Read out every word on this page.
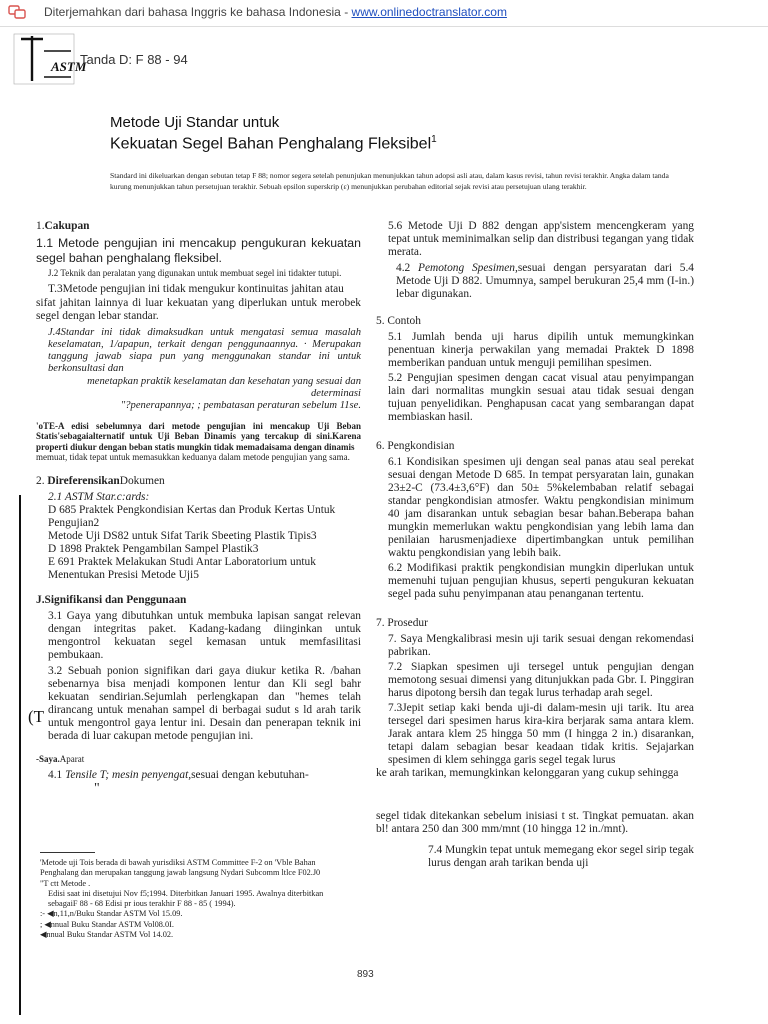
Diterjemahkan dari bahasa Inggris ke bahasa Indonesia - www.onlinedoctranslator.com
ASTM
Tanda D: F 88 - 94
Metode Uji Standar untuk
Kekuatan Segel Bahan Penghalang Fleksibel$^1$
Standard ini dikeluarkan dengan sebutan tetap F 88; nomor segera setelah penunjukan menunjukkan tahun adopsi asli atau, dalam kasus revisi, tahun revisi terakhir. Angka dalam tanda kurung menunjukkan tahun persetujuan terakhir. Sebuah epsilon superskrip (ɛ) menunjukkan perubahan editorial sejak revisi atau persetujuan ulang terakhir.

1.Cakupan

1.1 Metode pengujian ini mencakup pengukuran kekuatan segel bahan penghalang fleksibel.

J.2 Teknik dan peralatan yang digunakan untuk membuat segel ini tidakter tutupi.

T.3Metode pengujian ini tidak mengukur kontinuitas jahitan atau

sifat jahitan lainnya di luar kekuatan yang diperlukan untuk merobek segel dengan lebar standar.

J.4Standar ini tidak dimaksudkan untuk mengatasi semua masalah keselamatan, 1/apapun, terkait dengan penggunaannya. · Merupakan tanggung jawab siapa pun yang menggunakan standar ini untuk berkonsultasi dan

menetapkan praktik keselamatan dan kesehatan yang sesuai dan determinasi

"?penerapannya; ; pembatasan peraturan sebelum 11se.

'oTE-A edisi sebelumnya dari metode pengujian ini mencakup Uji Beban Statis'sebagaialternatif untuk Uji Beban Dinamis yang tercakup di sini.Karena properti diukur dengan beban statis mungkin tidak memadaisama dengan dinamis

memuat, tidak tepat untuk memasukkan keduanya dalam metode pengujian yang sama.

2. DireferensikanDokumen

2.1 ASTM Star.c:ards:

D 685 Praktek Pengkondisian Kertas dan Produk Kertas Untuk Pengujian2

Metode Uji DS82 untuk Sifat Tarik Sbeeting Plastik Tipis3

D 1898 Praktek Pengambilan Sampel Plastik3

E 691 Praktek Melakukan Studi Antar Laboratorium untuk Menentukan Presisi Metode Uji5

J.Signifikansi dan Penggunaan

3.1 Gaya yang dibutuhkan untuk membuka lapisan sangat relevan dengan integritas paket. Kadang-kadang diinginkan untuk mengontrol kekuatan segel kemasan untuk memfasilitasi pembukaan.

3.2 Sebuah ponion signifikan dari gaya diukur ketika R. /bahan sebenarnya bisa menjadi komponen lentur dan Kli segl bahr kekuatan sendirian.Sejumlah perlengkapan dan "hemes telah dirancang untuk menahan sampel di berbagai sudut s ld arah tarik untuk mengontrol gaya lentur ini. Desain dan penerapan teknik ini berada di luar cakupan metode pengujian ini.

-Saya.Aparat

4.1 Tensile T; mesin penyengat,sesuai dengan kebutuhan-

"

5.6 Metode Uji D 882 dengan app'sistem mencengkeram yang tepat untuk meminimalkan selip dan distribusi tegangan yang tidak merata.

4.2 Pemotong Spesimen,sesuai dengan persyaratan dari 5.4 Metode Uji D 882. Umumnya, sampel berukuran 25,4 mm (I-in.) lebar digunakan.

5. Contoh

5.1 Jumlah benda uji harus dipilih untuk memungkinkan penentuan kinerja perwakilan yang memadai Praktek D 1898 memberikan panduan untuk menguji pemilihan spesimen.

5.2 Pengujian spesimen dengan cacat visual atau penyimpangan lain dari normalitas mungkin sesuai atau tidak sesuai dengan tujuan penyelidikan. Penghapusan cacat yang sembarangan dapat membiaskan hasil.

6. Pengkondisian

6.1 Kondisikan spesimen uji dengan seal panas atau seal perekat sesuai dengan Metode D 685. In tempat persyaratan lain, gunakan 23±2-C (73.4±3,6°F) dan 50± 5%kelembaban relatif sebagai standar pengkondisian atmosfer. Waktu pengkondisian minimum 40 jam disarankan untuk sebagian besar bahan.Beberapa bahan mungkin memerlukan waktu pengkondisian yang lebih lama dan penilaian harusmenjadiexe dipertimbangkan untuk pemilihan waktu pengkondisian yang lebih baik.

6.2 Modifikasi praktik pengkondisian mungkin diperlukan untuk memenuhi tujuan pengujian khusus, seperti pengukuran kekuatan segel pada suhu penyimpanan atau penanganan tertentu.

7. Prosedur

7. Saya Mengkalibrasi mesin uji tarik sesuai dengan rekomendasi pabrikan.

7.2 Siapkan spesimen uji tersegel untuk pengujian dengan memotong sesuai dimensi yang ditunjukkan pada Gbr. I. Pinggiran harus dipotong bersih dan tegak lurus terhadap arah segel.

7.3Jepit setiap kaki benda uji-di dalam-mesin uji tarik. Itu area tersegel dari spesimen harus kira-kira berjarak sama antara klem. Jarak antara klem 25 hingga 50 mm (I hingga 2 in.) disarankan, tetapi dalam sebagian besar keadaan tidak kritis. Sejajarkan spesimen di klem sehingga garis segel tegak lurus

ke arah tarikan, memungkinkan kelonggaran yang cukup sehingga

segel tidak ditekankan sebelum inisiasi t st. Tingkat pemuatan. akan bl! antara 250 dan 300 mm/mnt (10 hingga 12 in./mnt).

7.4 Mungkin tepat untuk memegang ekor segel sirip tegak lurus dengan arah tarikan benda uji

(T

'Metode uji Tois berada di bawah yurisdiksi ASTM Committee F-2 on 'Vble Bahan Penghalang dan merupakan tanggung jawab langsung Nydari Subcomm ltlce F02.J0

"T ctt Metode .

Edisi saat ini disetujui Nov f5;1994. Diterbitkan Januari 1995. Awalnya diterbitkan sebagaiF 88 - 68 Edisi pr ious terakhir F 88 - 85 ( 1994).

:- ◀n,11,n/Buku Standar ASTM Vol 15.09.

; ◀nnual Buku Standar ASTM Vol08.0I.

◀nnual Buku Standar ASTM Vol 14.02.

893
